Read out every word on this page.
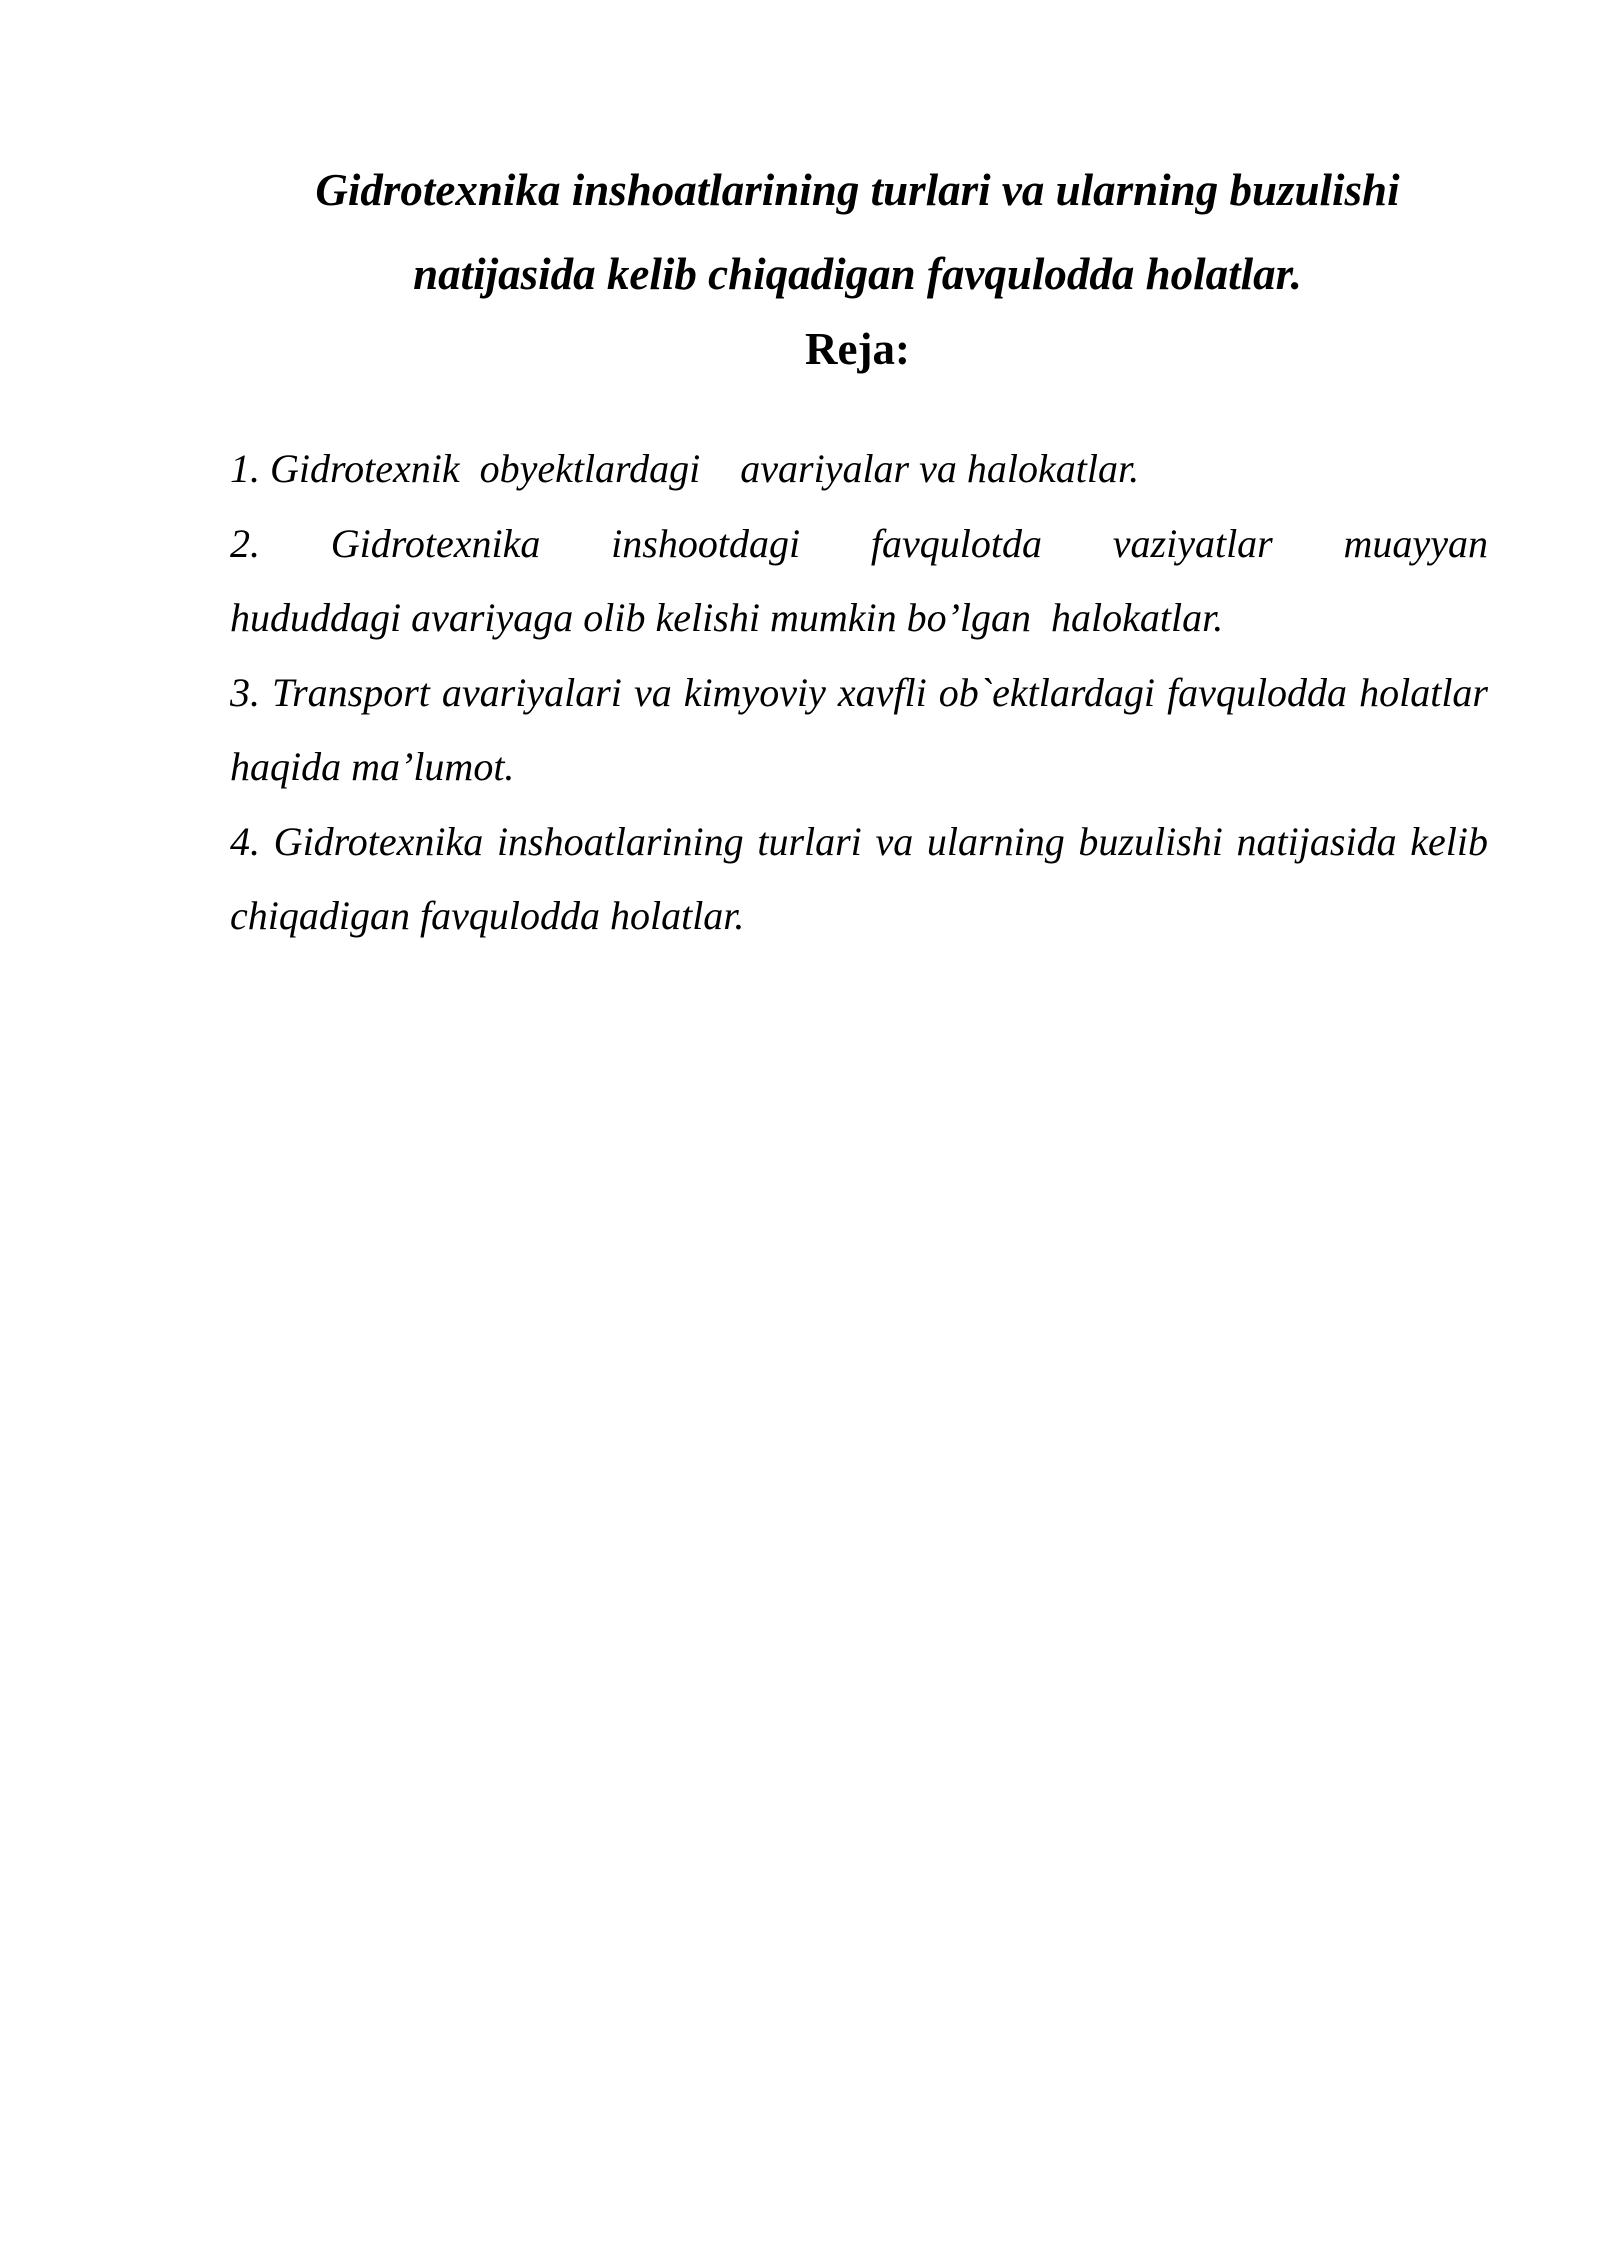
Gidrotexnika inshoatlarining turlari va ularning buzulishi natijasida kelib chiqadigan favqulodda holatlar.
Reja:
1. Gidrotexnik  obyektlardagi    avariyalar va halokatlar.
2. Gidrotexnika inshootdagi favqulotda vaziyatlar muayyan
hududdagi avariyaga olib kelishi mumkin bo’lgan  halokatlar.
3. Transport avariyalari va kimyoviy xavfli ob`ektlardagi favqulodda holatlar haqida ma’lumot.
4. Gidrotexnika inshoatlarining turlari va ularning buzulishi natijasida kelib chiqadigan favqulodda holatlar.
